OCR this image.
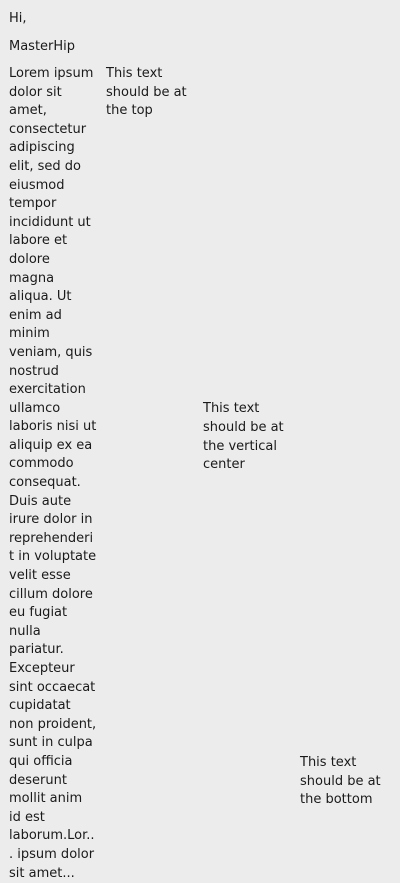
Hi,
MasterHip

Lorem ipsum dolor sit amet, consectetur adipiscing elit, sed do eiusmod tempor incididunt ut labore et dolore magna aliqua. Ut enim ad minim veniam, quis nostrud exercitation ullamco laboris nisi ut aliquip ex ea commodo consequat. Duis aute irure dolor in reprehenderit in voluptate velit esse cillum dolore eu fugiat nulla pariatur. Excepteur sint occaecat cupidatat non proident, sunt in culpa qui officia deserunt mollit anim id est laborum.Lor... ipsum dolor sit amet...

This text should be at the top

This text should be at the vertical center

This text should be at the bottom
